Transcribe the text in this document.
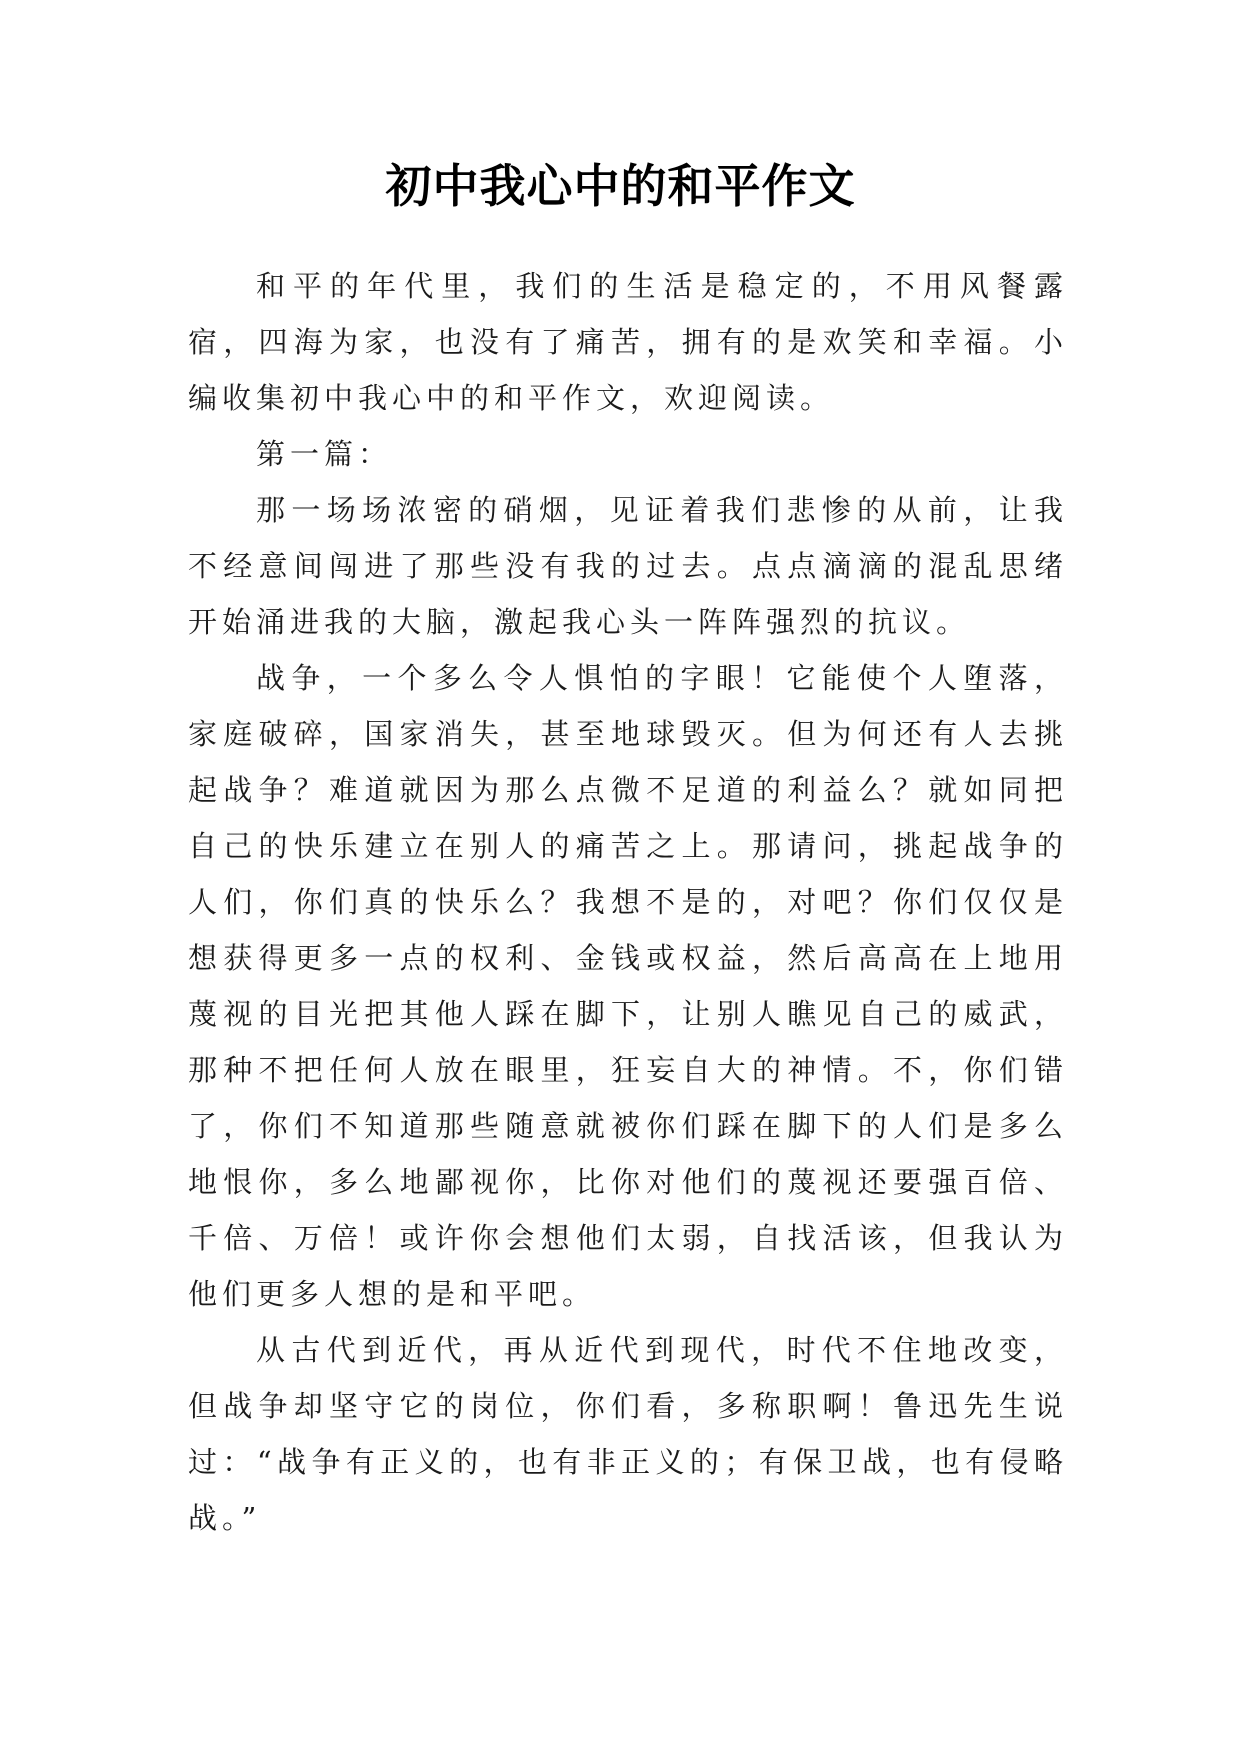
初中我心中的和平作文

和平的年代里，我们的生活是稳定的，不用风餐露宿，四海为家，也没有了痛苦，拥有的是欢笑和幸福。小编收集初中我心中的和平作文，欢迎阅读。

第一篇：

那一场场浓密的硝烟，见证着我们悲惨的从前，让我不经意间闯进了那些没有我的过去。点点滴滴的混乱思绪开始涌进我的大脑，激起我心头一阵阵强烈的抗议。

战争，一个多么令人惧怕的字眼！它能使个人堕落，家庭破碎，国家消失，甚至地球毁灭。但为何还有人去挑起战争？难道就因为那么点微不足道的利益么？就如同把自己的快乐建立在别人的痛苦之上。那请问，挑起战争的人们，你们真的快乐么？我想不是的，对吧？你们仅仅是想获得更多一点的权利、金钱或权益，然后高高在上地用蔑视的目光把其他人踩在脚下，让别人瞧见自己的威武，那种不把任何人放在眼里，狂妄自大的神情。不，你们错了，你们不知道那些随意就被你们踩在脚下的人们是多么地恨你，多么地鄙视你，比你对他们的蔑视还要强百倍、千倍、万倍！或许你会想他们太弱，自找活该，但我认为他们更多人想的是和平吧。

从古代到近代，再从近代到现代，时代不住地改变，但战争却坚守它的岗位，你们看，多称职啊！鲁迅先生说过：“战争有正义的，也有非正义的；有保卫战，也有侵略战。”
